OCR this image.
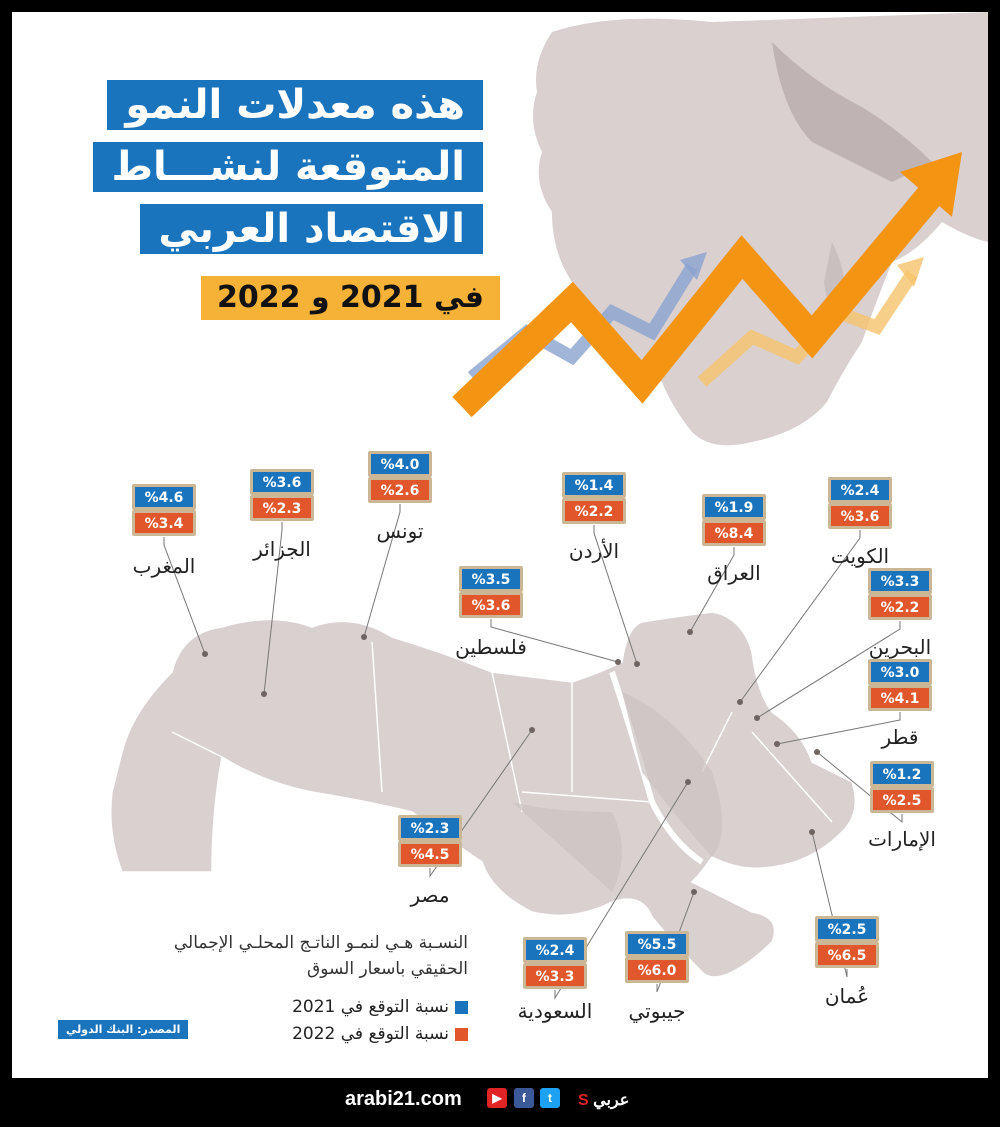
%4.6
%3.4
المغرب
%3.6
%2.3
الجزائر
%4.0
%2.6
تونس
%1.4
%2.2
الأردن
%1.9
%8.4
العراق
%2.4
%3.6
الكويت
%3.5
%3.6
فلسطين
%3.3
%2.2
البحرين
%3.0
%4.1
قطر
%1.2
%2.5
الإمارات
%2.3
%4.5
مصر
%2.5
%6.5
عُمان
%2.4
%3.3
السعودية
%5.5
%6.0
جيبوتي
هذه معدلات النمو
المتوقعة لنشـــاط
الاقتصاد العربي
في 2021 و 2022
النسـبة هـي لنمـو الناتـج المحلـي الإجمالي
الحقيقي باسعار السوق
نسبة التوقع في 2021
نسبة التوقع في 2022
المصدر: البنك الدولي
arabi21.com	▶	f	t	S عربي
